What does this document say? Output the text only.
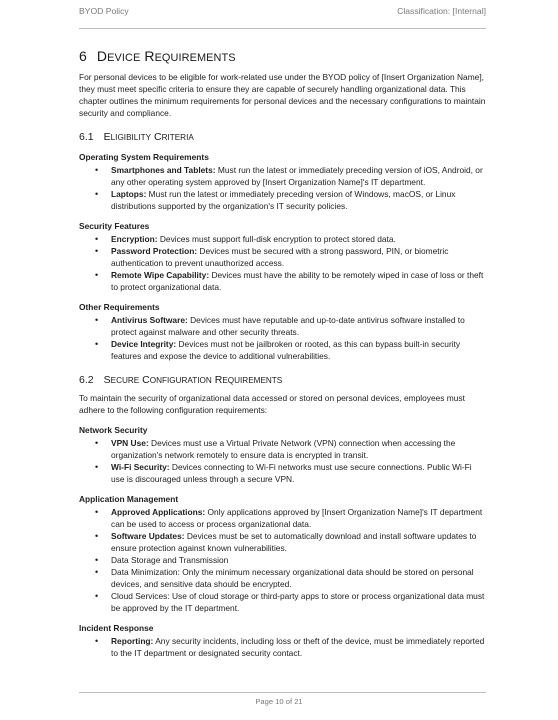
BYOD Policy	Classification: [Internal]
6 DEVICE REQUIREMENTS

For personal devices to be eligible for work-related use under the BYOD policy of [Insert Organization Name], they must meet specific criteria to ensure they are capable of securely handling organizational data. This chapter outlines the minimum requirements for personal devices and the necessary configurations to maintain security and compliance.

6.1 ELIGIBILITY CRITERIA
Operating System Requirements
• Smartphones and Tablets: Must run the latest or immediately preceding version of iOS, Android, or any other operating system approved by [Insert Organization Name]'s IT department.
• Laptops: Must run the latest or immediately preceding version of Windows, macOS, or Linux distributions supported by the organization's IT security policies.
Security Features
• Encryption: Devices must support full-disk encryption to protect stored data.
• Password Protection: Devices must be secured with a strong password, PIN, or biometric authentication to prevent unauthorized access.
• Remote Wipe Capability: Devices must have the ability to be remotely wiped in case of loss or theft to protect organizational data.
Other Requirements
• Antivirus Software: Devices must have reputable and up-to-date antivirus software installed to protect against malware and other security threats.
• Device Integrity: Devices must not be jailbroken or rooted, as this can bypass built-in security features and expose the device to additional vulnerabilities.
6.2 SECURE CONFIGURATION REQUIREMENTS

To maintain the security of organizational data accessed or stored on personal devices, employees must adhere to the following configuration requirements:

Network Security
• VPN Use: Devices must use a Virtual Private Network (VPN) connection when accessing the organization's network remotely to ensure data is encrypted in transit.
• Wi-Fi Security: Devices connecting to Wi-Fi networks must use secure connections. Public Wi-Fi use is discouraged unless through a secure VPN.
Application Management
• Approved Applications: Only applications approved by [Insert Organization Name]'s IT department can be used to access or process organizational data.
• Software Updates: Devices must be set to automatically download and install software updates to ensure protection against known vulnerabilities.
• Data Storage and Transmission
• Data Minimization: Only the minimum necessary organizational data should be stored on personal devices, and sensitive data should be encrypted.
• Cloud Services: Use of cloud storage or third-party apps to store or process organizational data must be approved by the IT department.
Incident Response
• Reporting: Any security incidents, including loss or theft of the device, must be immediately reported to the IT department or designated security contact.
Page 10 of 21
